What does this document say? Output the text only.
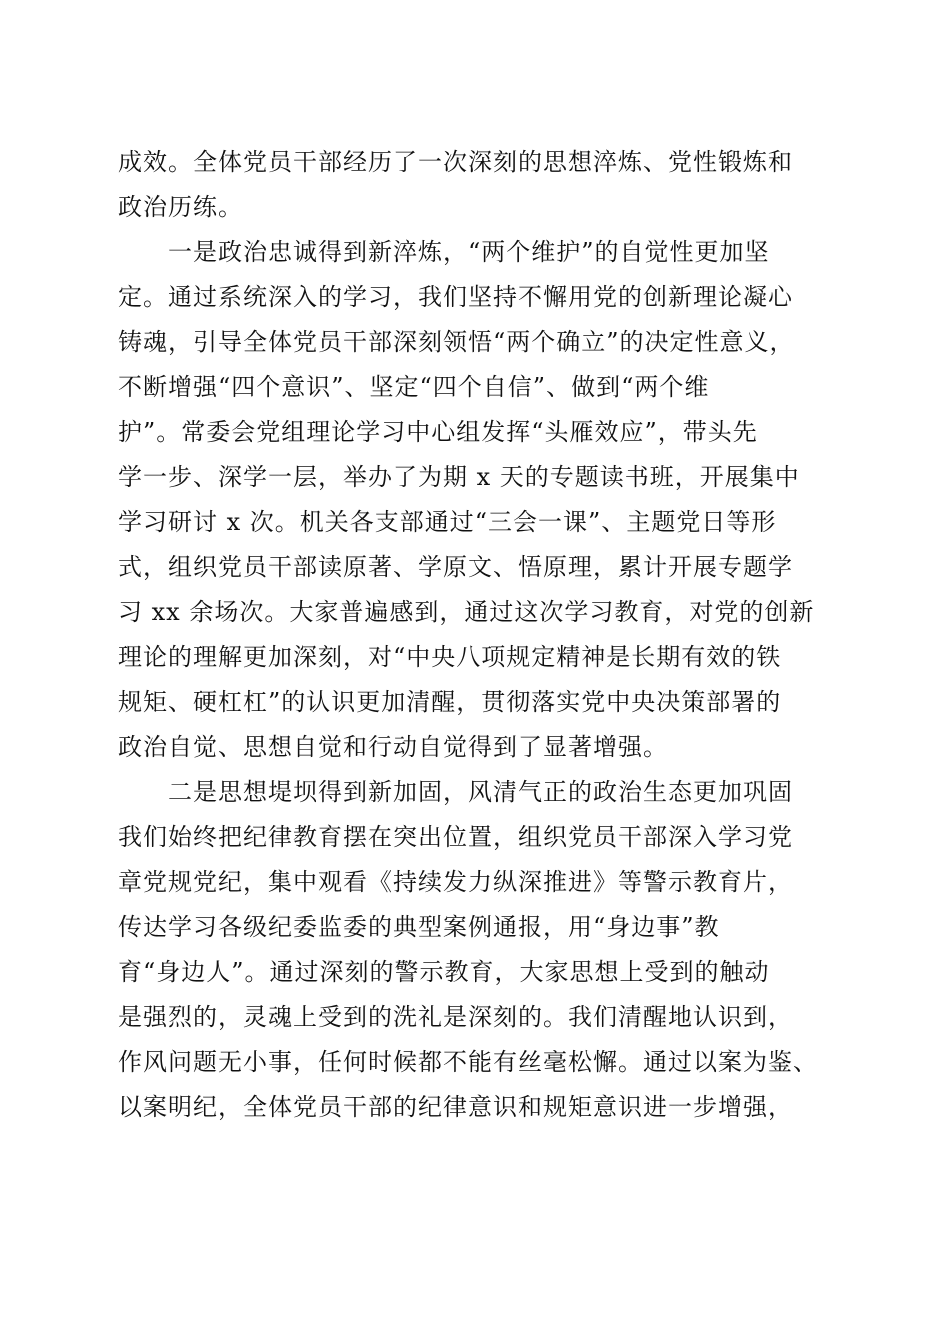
成效。全体党员干部经历了一次深刻的思想淬炼、党性锻炼和
政治历练。
一是政治忠诚得到新淬炼，“两个维护”的自觉性更加坚
定。通过系统深入的学习，我们坚持不懈用党的创新理论凝心
铸魂，引导全体党员干部深刻领悟“两个确立”的决定性意义，
不断增强“四个意识”、坚定“四个自信”、做到“两个维
护”。常委会党组理论学习中心组发挥“头雁效应”，带头先
学一步、深学一层，举办了为期 x 天的专题读书班，开展集中
学习研讨 x 次。机关各支部通过“三会一课”、主题党日等形
式，组织党员干部读原著、学原文、悟原理，累计开展专题学
习 xx 余场次。大家普遍感到，通过这次学习教育，对党的创新
理论的理解更加深刻，对“中央八项规定精神是长期有效的铁
规矩、硬杠杠”的认识更加清醒，贯彻落实党中央决策部署的
政治自觉、思想自觉和行动自觉得到了显著增强。
二是思想堤坝得到新加固，风清气正的政治生态更加巩固
我们始终把纪律教育摆在突出位置，组织党员干部深入学习党
章党规党纪，集中观看《持续发力纵深推进》等警示教育片，
传达学习各级纪委监委的典型案例通报，用“身边事”教
育“身边人”。通过深刻的警示教育，大家思想上受到的触动
是强烈的，灵魂上受到的洗礼是深刻的。我们清醒地认识到，
作风问题无小事，任何时候都不能有丝毫松懈。通过以案为鉴、
以案明纪，全体党员干部的纪律意识和规矩意识进一步增强，
